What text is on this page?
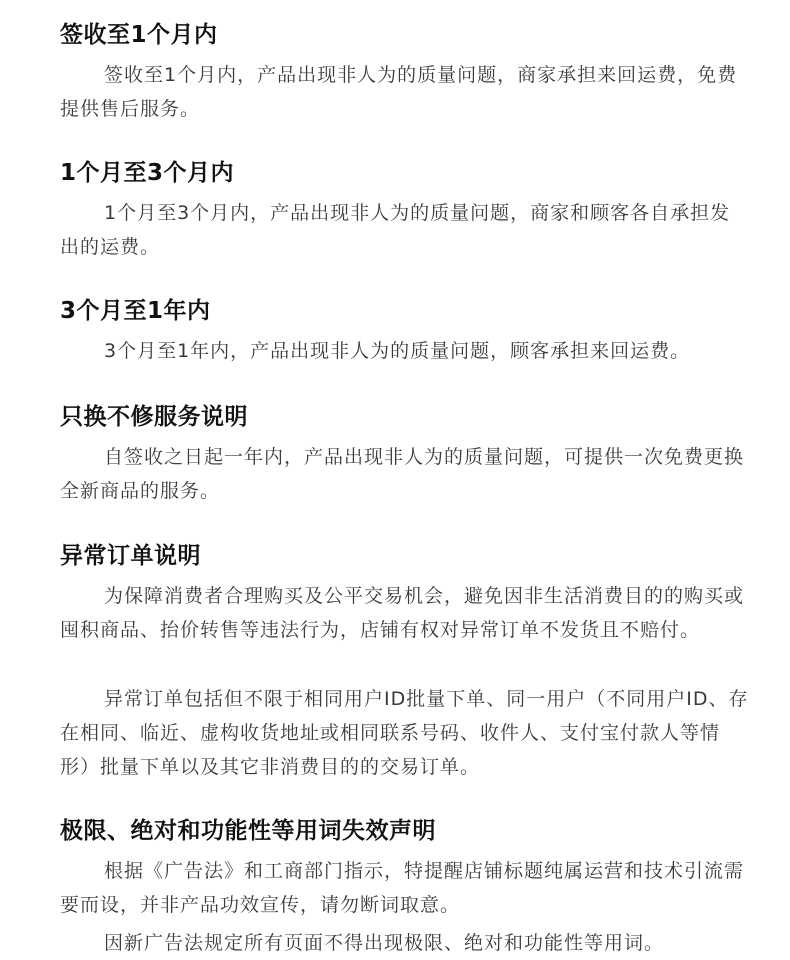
签收至1个月内

签收至1个月内，产品出现非人为的质量问题，商家承担来回运费，免费提供售后服务。

1个月至3个月内

1个月至3个月内，产品出现非人为的质量问题，商家和顾客各自承担发出的运费。

3个月至1年内

3个月至1年内，产品出现非人为的质量问题，顾客承担来回运费。

只换不修服务说明

自签收之日起一年内，产品出现非人为的质量问题，可提供一次免费更换全新商品的服务。

异常订单说明

为保障消费者合理购买及公平交易机会，避免因非生活消费目的的购买或囤积商品、抬价转售等违法行为，店铺有权对异常订单不发货且不赔付。

异常订单包括但不限于相同用户ID批量下单、同一用户（不同用户ID、存在相同、临近、虚构收货地址或相同联系号码、收件人、支付宝付款人等情形）批量下单以及其它非消费目的的交易订单。

极限、绝对和功能性等用词失效声明

根据《广告法》和工商部门指示，特提醒店铺标题纯属运营和技术引流需要而设，并非产品功效宣传，请勿断词取意。

因新广告法规定所有页面不得出现极限、绝对和功能性等用词。
